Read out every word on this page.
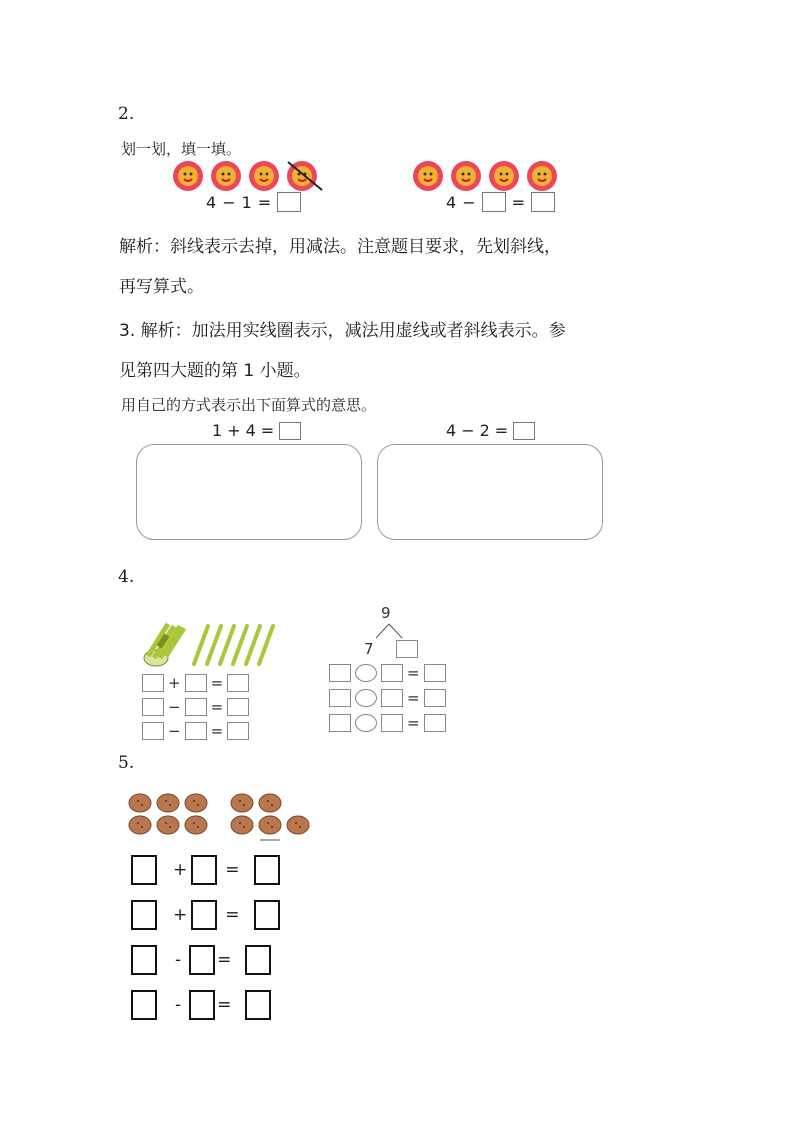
2.
划一划，填一填。
4 − 1 =	4 − =
解析：斜线表示去掉，用减法。注意题目要求，先划斜线，
再写算式。
3. 解析：加法用实线圈表示，减法用虚线或者斜线表示。参
见第四大题的第 1 小题。
用自己的方式表示出下面算式的意思。
1 + 4 =	4 − 2 =
4.
+ =
− =
− =
9
7
=
=
=
5.
+ =
+ =
- =
- =
